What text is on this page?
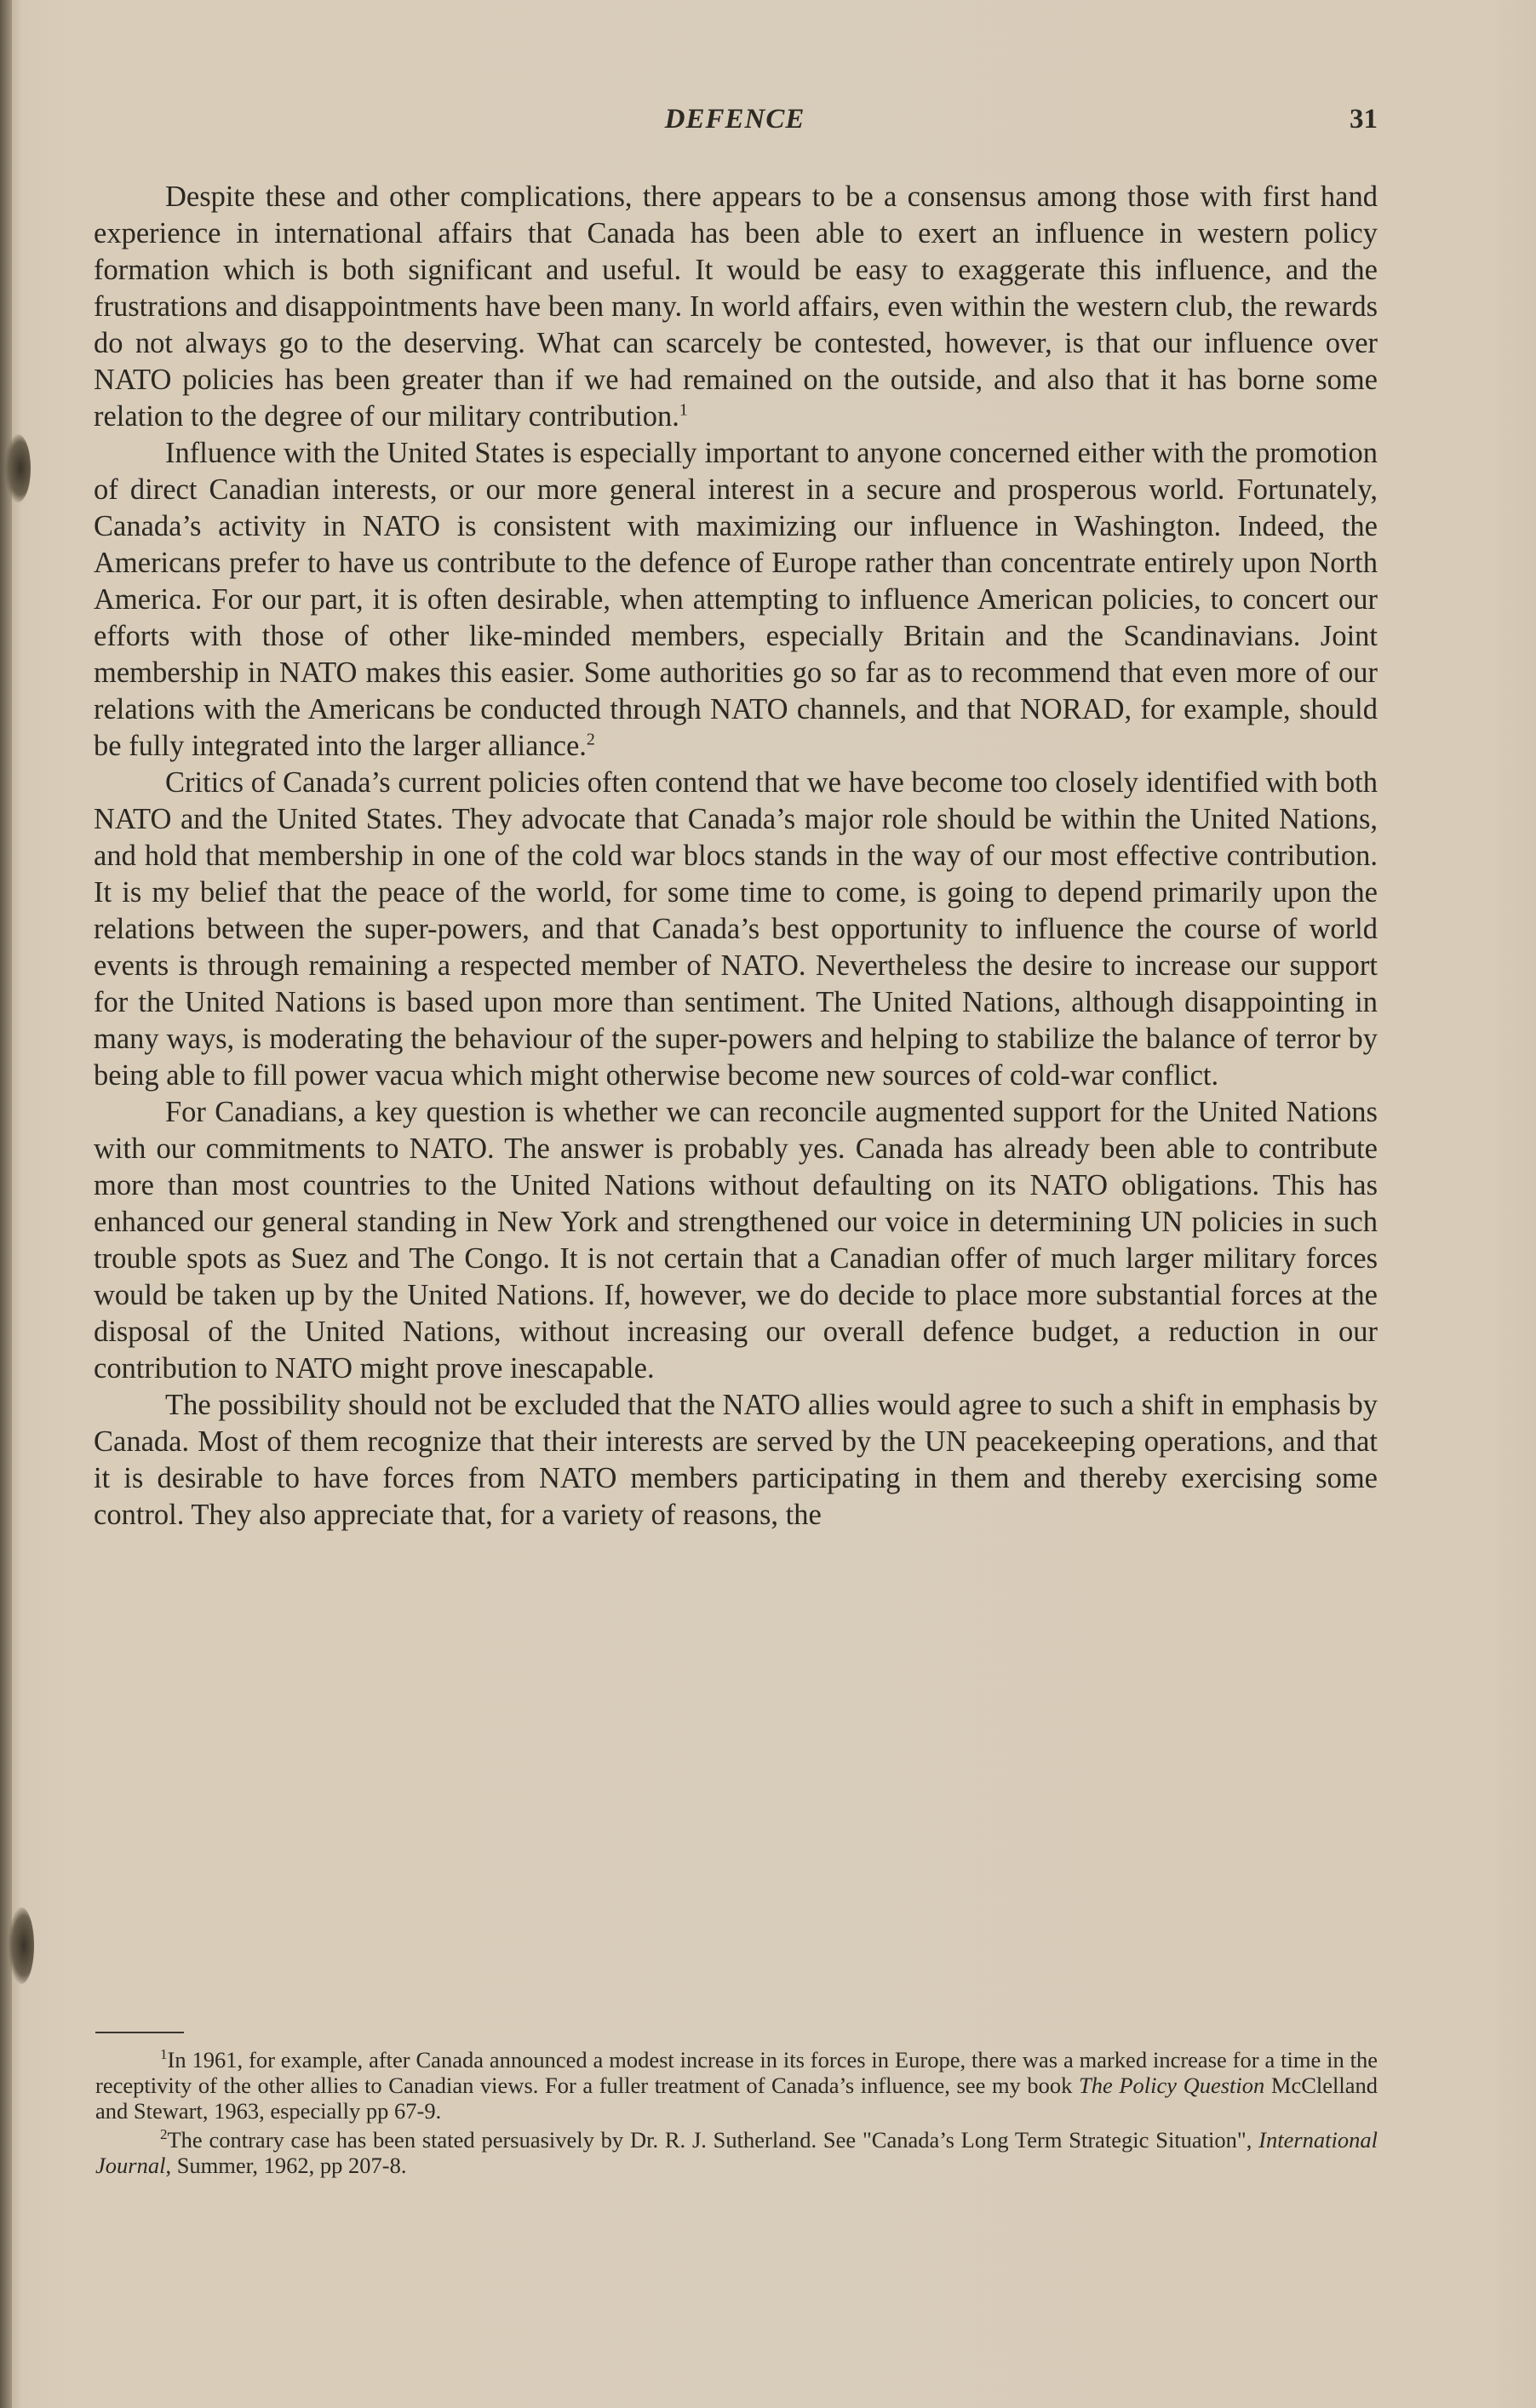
DEFENCE	31

Despite these and other complications, there appears to be a consensus among those with first hand experience in international affairs that Canada has been able to exert an influence in western policy formation which is both significant and useful. It would be easy to exaggerate this influence, and the frustrations and disappointments have been many. In world affairs, even within the western club, the rewards do not always go to the deserving. What can scarcely be contested, however, is that our influence over NATO policies has been greater than if we had remained on the outside, and also that it has borne some relation to the degree of our military contribution.$^1$

Influence with the United States is especially important to anyone concerned either with the promotion of direct Canadian interests, or our more general interest in a secure and prosperous world. Fortunately, Canada’s activity in NATO is consistent with maximizing our influence in Washington. Indeed, the Americans prefer to have us contribute to the defence of Europe rather than concentrate entirely upon North America. For our part, it is often desirable, when attempting to influence American policies, to concert our efforts with those of other like-minded members, especially Britain and the Scandinavians. Joint membership in NATO makes this easier. Some authorities go so far as to recommend that even more of our relations with the Americans be conducted through NATO channels, and that NORAD, for example, should be fully integrated into the larger alliance.$^2$

Critics of Canada’s current policies often contend that we have become too closely identified with both NATO and the United States. They advocate that Canada’s major role should be within the United Nations, and hold that membership in one of the cold war blocs stands in the way of our most effective contribution. It is my belief that the peace of the world, for some time to come, is going to depend primarily upon the relations between the super-powers, and that Canada’s best opportunity to influence the course of world events is through remaining a respected member of NATO. Nevertheless the desire to increase our support for the United Nations is based upon more than sentiment. The United Nations, although disappointing in many ways, is moderating the behaviour of the super-powers and helping to stabilize the balance of terror by being able to fill power vacua which might otherwise become new sources of cold-war conflict.

For Canadians, a key question is whether we can reconcile augmented support for the United Nations with our commitments to NATO. The answer is probably yes. Canada has already been able to contribute more than most countries to the United Nations without defaulting on its NATO obligations. This has enhanced our general standing in New York and strengthened our voice in determining UN policies in such trouble spots as Suez and The Congo. It is not certain that a Canadian offer of much larger military forces would be taken up by the United Nations. If, however, we do decide to place more substantial forces at the disposal of the United Nations, without increasing our overall defence budget, a reduction in our contribution to NATO might prove inescapable.

The possibility should not be excluded that the NATO allies would agree to such a shift in emphasis by Canada. Most of them recognize that their interests are served by the UN peacekeeping operations, and that it is desirable to have forces from NATO members participating in them and thereby exercising some control. They also appreciate that, for a variety of reasons, the

$^1$In 1961, for example, after Canada announced a modest increase in its forces in Europe, there was a marked increase for a time in the receptivity of the other allies to Canadian views. For a fuller treatment of Canada’s influence, see my book The Policy Question McClelland and Stewart, 1963, especially pp 67-9.

$^2$The contrary case has been stated persuasively by Dr. R. J. Sutherland. See "Canada’s Long Term Strategic Situation", International Journal, Summer, 1962, pp 207-8.
